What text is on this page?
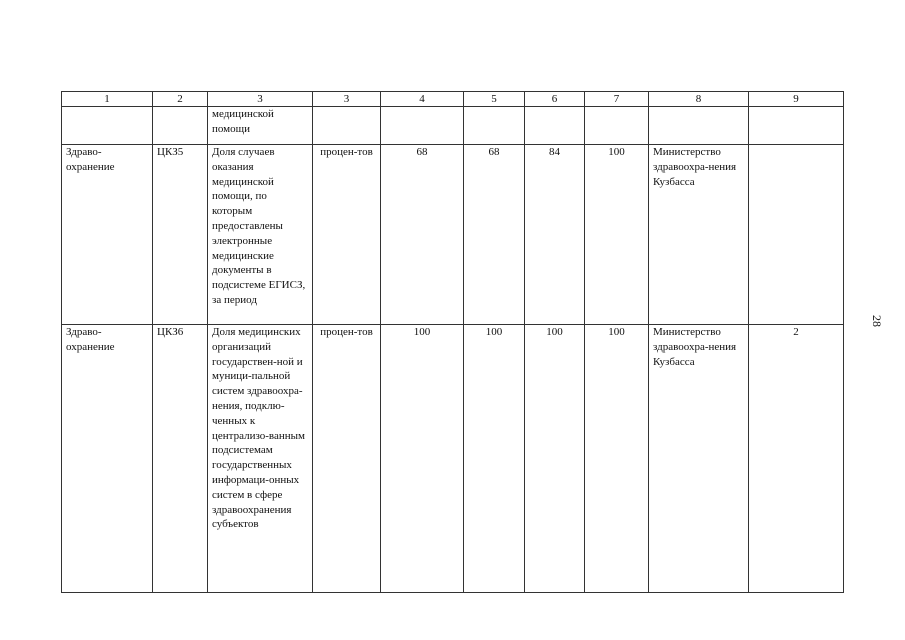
1	2	3	3	4	5	6	7	8	9
		медицинской помощи							
Здраво-охранение	ЦКЗ5	Доля случаев оказания медицинской помощи, по которым предоставлены электронные медицинские документы в подсистеме ЕГИСЗ, за период	процен-тов	68	68	84	100	Министерство здравоохра-нения Кузбасса	
Здраво-охранение	ЦКЗ6	Доля медицинских организаций государствен-ной и муници-пальной систем здравоохра-нения, подклю-ченных к централизо-ванным подсистемам государственных информаци-онных систем в сфере здравоохранения субъектов	процен-тов	100	100	100	100	Министерство здравоохра-нения Кузбасса	2
28
